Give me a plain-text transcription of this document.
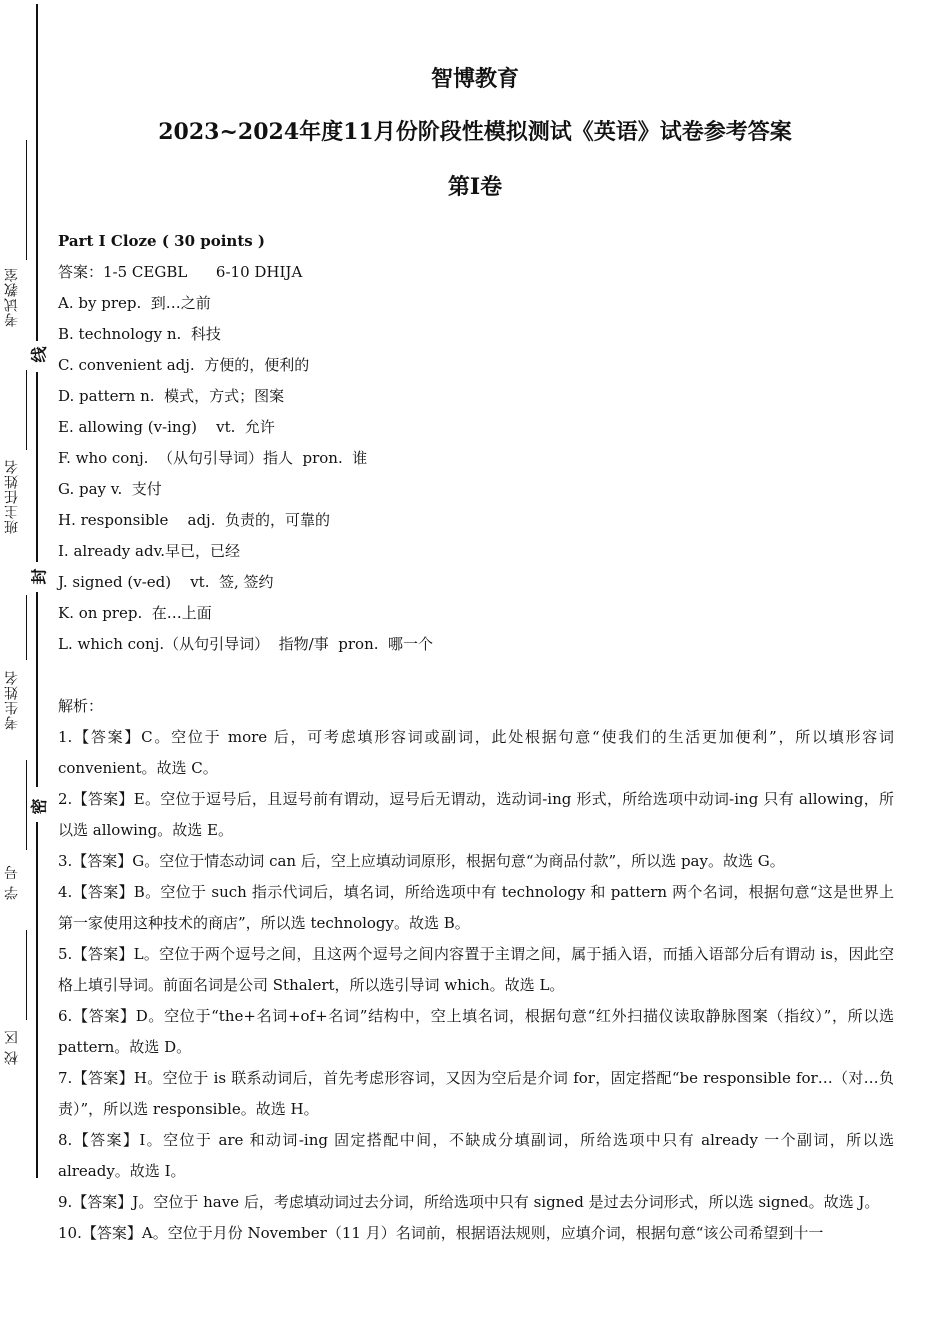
线
封
密
考试教室
班主任姓名
考生姓名
学 号
校 区
智博教育
2023~2024年度11月份阶段性模拟测试《英语》试卷参考答案
第I卷
Part I Cloze ( 30 points )
答案：1-5 CEGBL      6-10 DHIJA
A. by prep.  到…之前
B. technology n.  科技
C. convenient adj.  方便的，便利的
D. pattern n.  模式，方式；图案
E. allowing (v-ing)    vt.  允许
F. who conj.  （从句引导词）指人  pron.  谁
G. pay v.  支付
H. responsible    adj.  负责的，可靠的
I. already adv.早已，已经
J. signed (v-ed)    vt.  签, 签约
K. on prep.  在…上面
L. which conj.（从句引导词）  指物/事  pron.  哪一个
解析：
1.【答案】C。空位于 more 后，可考虑填形容词或副词，此处根据句意“使我们的生活更加便利”，所以填形容词 convenient。故选 C。
2.【答案】E。空位于逗号后，且逗号前有谓动，逗号后无谓动，选动词-ing 形式，所给选项中动词-ing 只有 allowing，所以选 allowing。故选 E。
3.【答案】G。空位于情态动词 can 后，空上应填动词原形，根据句意“为商品付款”，所以选 pay。故选 G。
4.【答案】B。空位于 such 指示代词后，填名词，所给选项中有 technology 和 pattern 两个名词，根据句意“这是世界上第一家使用这种技术的商店”，所以选 technology。故选 B。
5.【答案】L。空位于两个逗号之间，且这两个逗号之间内容置于主谓之间，属于插入语，而插入语部分后有谓动 is，因此空格上填引导词。前面名词是公司 Sthalert，所以选引导词 which。故选 L。
6.【答案】D。空位于“the+名词+of+名词”结构中，空上填名词，根据句意“红外扫描仪读取静脉图案（指纹）”，所以选 pattern。故选 D。
7.【答案】H。空位于 is 联系动词后，首先考虑形容词，又因为空后是介词 for，固定搭配“be responsible for…（对…负责）”，所以选 responsible。故选 H。
8.【答案】I。空位于 are 和动词-ing 固定搭配中间，不缺成分填副词，所给选项中只有 already 一个副词，所以选 already。故选 I。
9.【答案】J。空位于 have 后，考虑填动词过去分词，所给选项中只有 signed 是过去分词形式，所以选 signed。故选 J。
10.【答案】A。空位于月份 November（11 月）名词前，根据语法规则，应填介词，根据句意“该公司希望到十一
